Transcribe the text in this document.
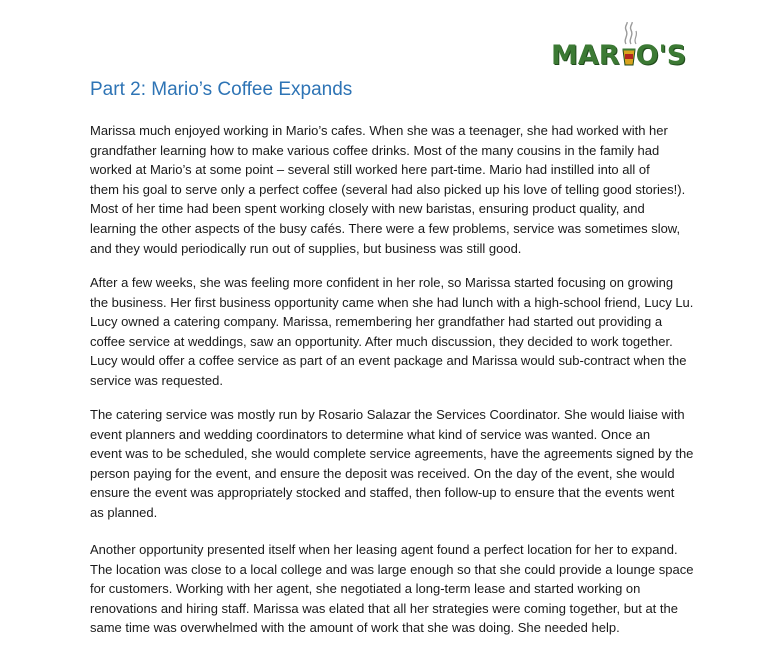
MAR O'S
Part 2: Mario’s Coffee Expands

Marissa much enjoyed working in Mario’s cafes. When she was a teenager, she had worked with her
grandfather learning how to make various coffee drinks. Most of the many cousins in the family had
worked at Mario’s at some point – several still worked here part-time. Mario had instilled into all of
them his goal to serve only a perfect coffee (several had also picked up his love of telling good stories!).
Most of her time had been spent working closely with new baristas, ensuring product quality, and
learning the other aspects of the busy cafés. There were a few problems, service was sometimes slow,
and they would periodically run out of supplies, but business was still good.

After a few weeks, she was feeling more confident in her role, so Marissa started focusing on growing
the business. Her first business opportunity came when she had lunch with a high-school friend, Lucy Lu.
Lucy owned a catering company. Marissa, remembering her grandfather had started out providing a
coffee service at weddings, saw an opportunity. After much discussion, they decided to work together.
Lucy would offer a coffee service as part of an event package and Marissa would sub-contract when the
service was requested.

The catering service was mostly run by Rosario Salazar the Services Coordinator. She would liaise with
event planners and wedding coordinators to determine what kind of service was wanted. Once an
event was to be scheduled, she would complete service agreements, have the agreements signed by the
person paying for the event, and ensure the deposit was received. On the day of the event, she would
ensure the event was appropriately stocked and staffed, then follow-up to ensure that the events went
as planned.

Another opportunity presented itself when her leasing agent found a perfect location for her to expand.
The location was close to a local college and was large enough so that she could provide a lounge space
for customers. Working with her agent, she negotiated a long-term lease and started working on
renovations and hiring staff. Marissa was elated that all her strategies were coming together, but at the
same time was overwhelmed with the amount of work that she was doing. She needed help.
